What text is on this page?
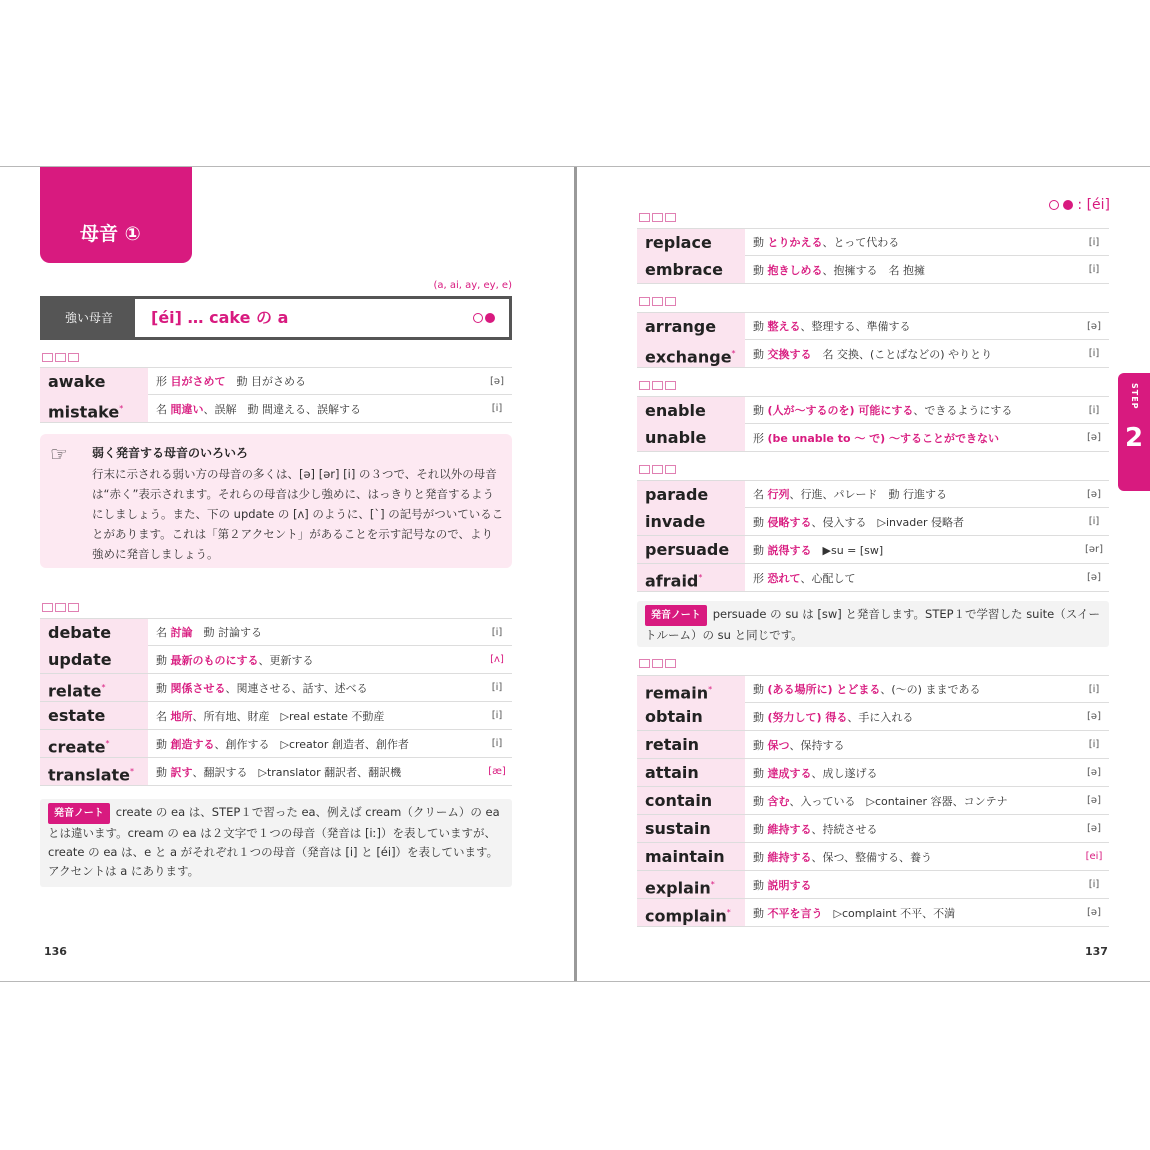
母音 ①
(a, ai, ay, ey, e)
強い母音	[éi] … cake の a
awake	形 目がさめて　動 目がさめる	[ə]
mistake*	名 間違い、誤解　動 間違える、誤解する	[i]
☞ 弱く発音する母音のいろいろ
行末に示される弱い方の母音の多くは、[ə] [ər] [i] の３つで、それ以外の母音は“赤く”表示されます。それらの母音は少し強めに、はっきりと発音するようにしましょう。また、下の update の [ʌ] のように、[ˋ] の記号がついていることがあります。これは「第２アクセント」があることを示す記号なので、より強めに発音しましょう。
debate	名 討論　動 討論する	[i]
update	動 最新のものにする、更新する	[ʌ]
relate*	動 関係させる、関連させる、話す、述べる	[i]
estate	名 地所、所有地、財産　▷real estate 不動産	[i]
create*	動 創造する、創作する　▷creator 創造者、創作者	[i]
translate*	動 訳す、翻訳する　▷translator 翻訳者、翻訳機	[æ]
発音ノート create の ea は、STEP１で習った ea、例えば cream（クリーム）の ea とは違います。cream の ea は２文字で１つの母音（発音は [iː]）を表していますが、create の ea は、e と a がそれぞれ１つの母音（発音は [i] と [éi]）を表しています。アクセントは a にあります。
136
: [éi]
STEP
2
replace	動 とりかえる、とって代わる	[i]
embrace	動 抱きしめる、抱擁する　名 抱擁	[i]
arrange	動 整える、整理する、準備する	[ə]
exchange*	動 交換する　名 交換、(ことばなどの) やりとり	[i]
enable	動 (人が～するのを) 可能にする、できるようにする	[i]
unable	形 (be unable to ～ で) ～することができない	[ə]
parade	名 行列、行進、パレード　動 行進する	[ə]
invade	動 侵略する、侵入する　▷invader 侵略者	[i]
persuade	動 説得する　▶su = [sw]	[ər]
afraid*	形 恐れて、心配して	[ə]
発音ノート persuade の su は [sw] と発音します。STEP１で学習した suite（スイートルーム）の su と同じです。
remain*	動 (ある場所に) とどまる、(～の) ままである	[i]
obtain	動 (努力して) 得る、手に入れる	[ə]
retain	動 保つ、保持する	[i]
attain	動 達成する、成し遂げる	[ə]
contain	動 含む、入っている　▷container 容器、コンテナ	[ə]
sustain	動 維持する、持続させる	[ə]
maintain	動 維持する、保つ、整備する、養う	[ei]
explain*	動 説明する	[i]
complain*	動 不平を言う　▷complaint 不平、不満	[ə]
137
